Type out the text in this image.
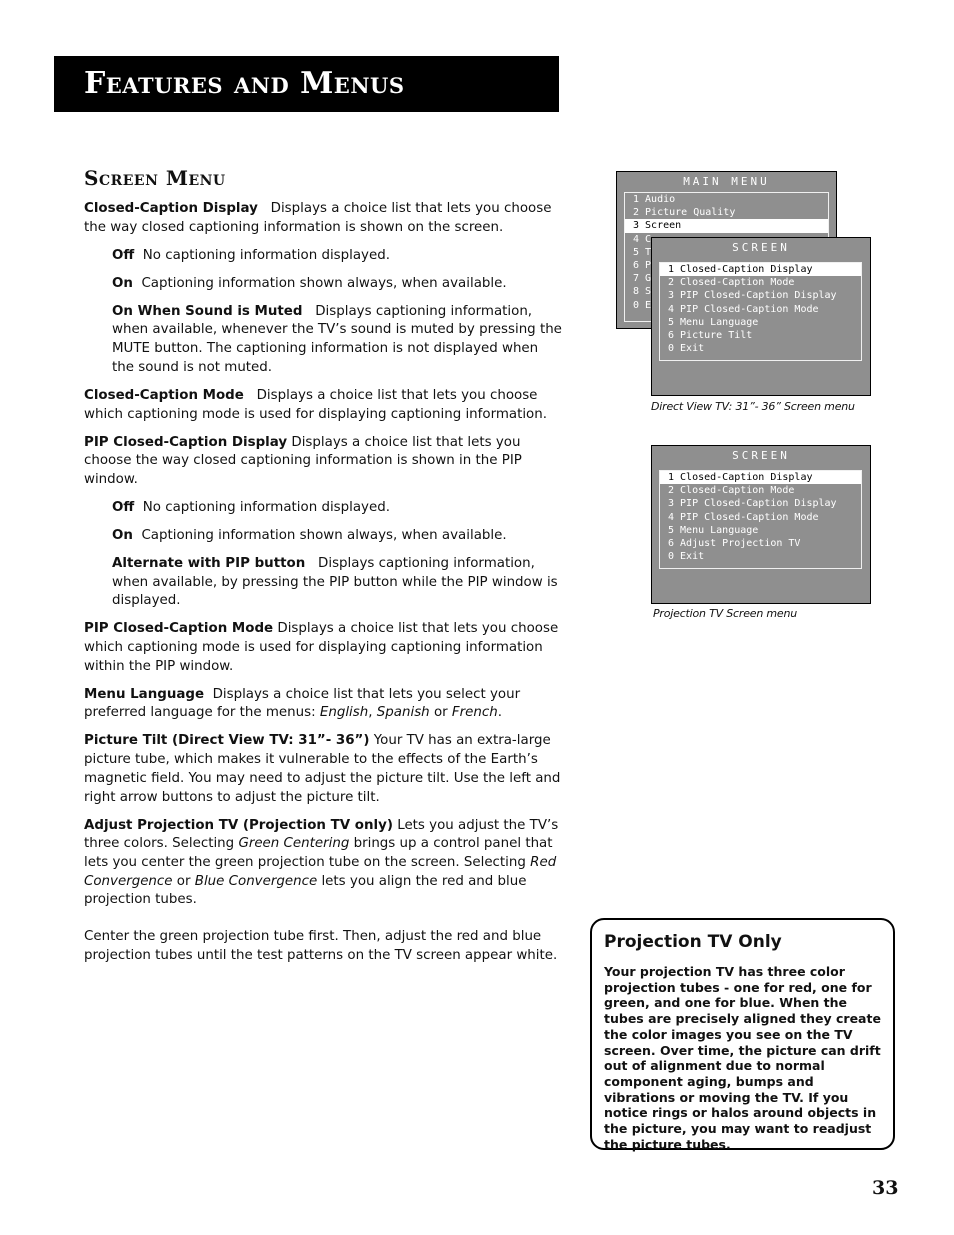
Features and Menus
Screen Menu

Closed-Caption Display Displays a choice list that lets you choose the way closed captioning information is shown on the screen.

Off No captioning information displayed.

On Captioning information shown always, when available.

On When Sound is Muted Displays captioning information, when available, whenever the TV’s sound is muted by pressing the MUTE button. The captioning information is not displayed when the sound is not muted.

Closed-Caption Mode Displays a choice list that lets you choose which captioning mode is used for displaying captioning information.

PIP Closed-Caption Display Displays a choice list that lets you choose the way closed captioning information is shown in the PIP window.

Off No captioning information displayed.

On Captioning information shown always, when available.

Alternate with PIP button Displays captioning information, when available, by pressing the PIP button while the PIP window is displayed.

PIP Closed-Caption Mode Displays a choice list that lets you choose which captioning mode is used for displaying captioning information within the PIP window.

Menu Language Displays a choice list that lets you select your preferred language for the menus: English, Spanish or French.

Picture Tilt (Direct View TV: 31”- 36”) Your TV has an extra-large picture tube, which makes it vulnerable to the effects of the Earth’s magnetic field. You may need to adjust the picture tilt. Use the left and right arrow buttons to adjust the picture tilt.

Adjust Projection TV (Projection TV only) Lets you adjust the TV’s three colors. Selecting Green Centering brings up a control panel that lets you center the green projection tube on the screen. Selecting Red Convergence or Blue Convergence lets you align the red and blue projection tubes.

Center the green projection tube first. Then, adjust the red and blue projection tubes until the test patterns on the TV screen appear white.

MAIN MENU
1 Audio
2 Picture Quality
3 Screen
4 C
5 T
6 P
7 G
8 S
0 E
SCREEN
1 Closed-Caption Display
2 Closed-Caption Mode
3 PIP Closed-Caption Display
4 PIP Closed-Caption Mode
5 Menu Language
6 Picture Tilt
0 Exit
Direct View TV: 31”- 36” Screen menu
SCREEN
1 Closed-Caption Display
2 Closed-Caption Mode
3 PIP Closed-Caption Display
4 PIP Closed-Caption Mode
5 Menu Language
6 Adjust Projection TV
0 Exit
Projection TV Screen menu
Projection TV Only
Your projection TV has three color projection tubes - one for red, one for green, and one for blue. When the tubes are precisely aligned they create the color images you see on the TV screen. Over time, the picture can drift out of alignment due to normal component aging, bumps and vibrations or moving the TV. If you notice rings or halos around objects in the picture, you may want to readjust the picture tubes.
33
